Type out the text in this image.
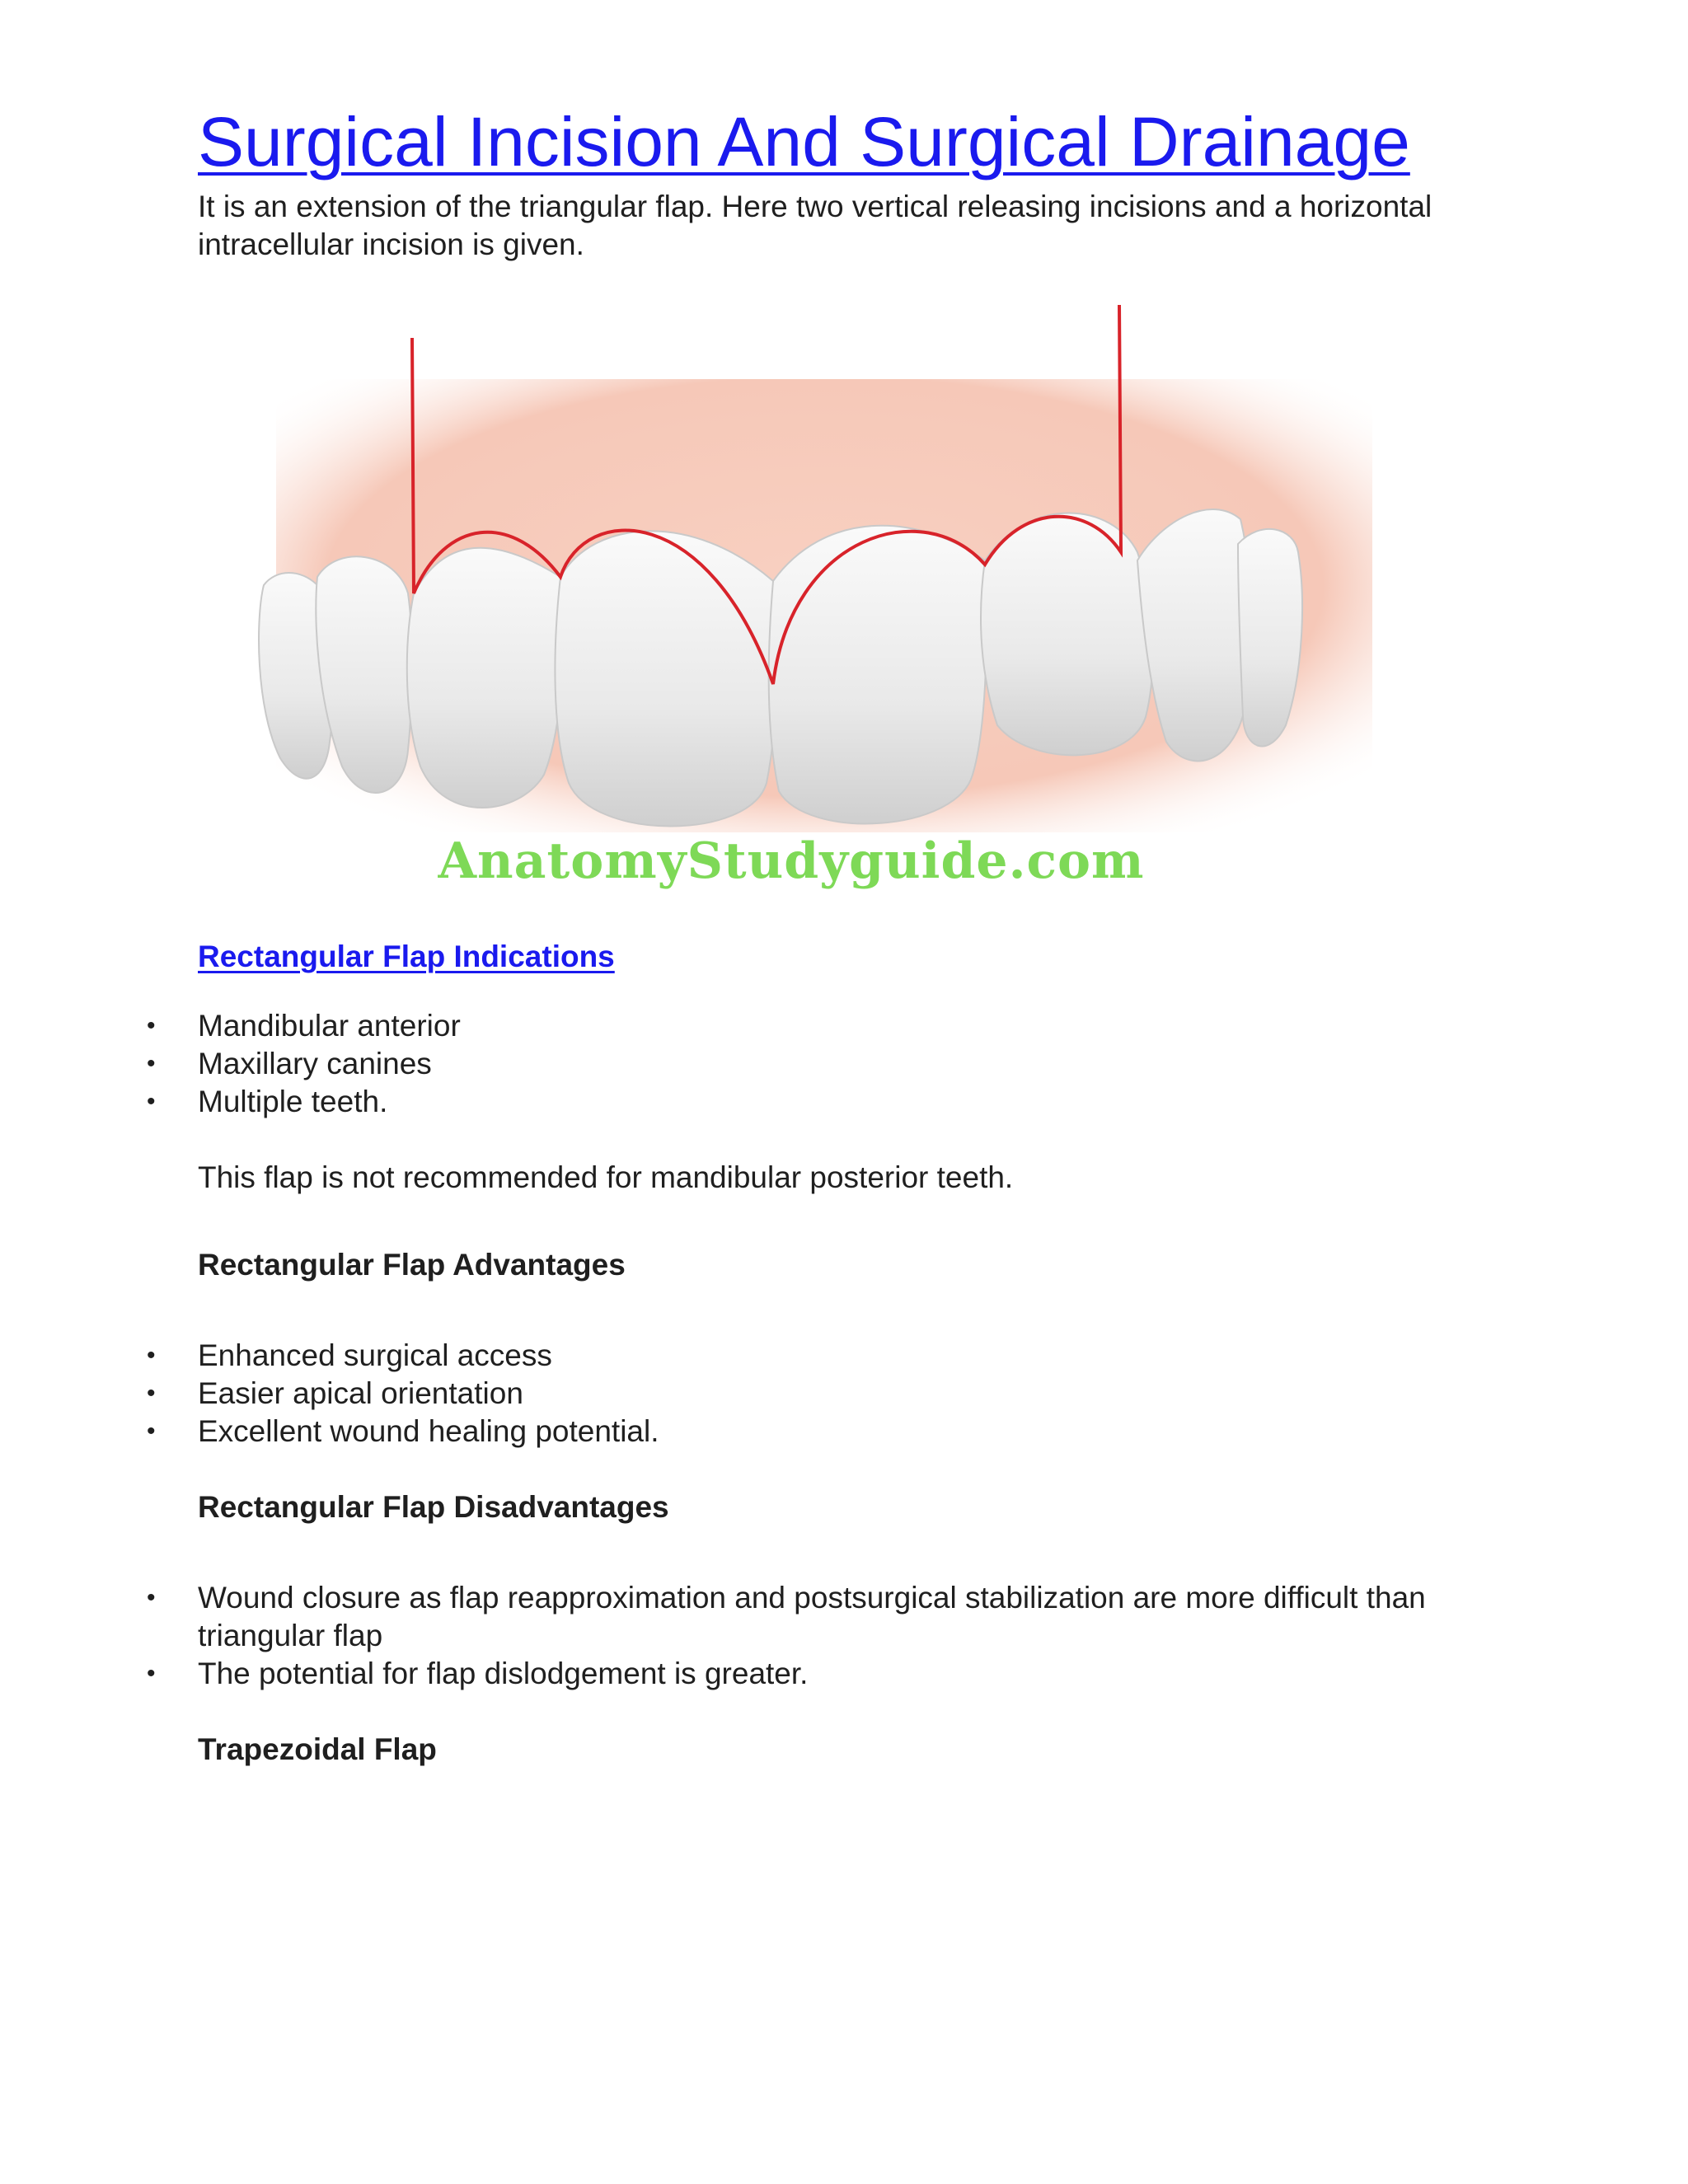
Surgical Incision And Surgical Drainage

It is an extension of the triangular flap. Here two vertical releasing incisions and a horizontal intracellular incision is given.

AnatomyStudyguide.com
Rectangular Flap Indications
• Mandibular anterior
• Maxillary canines
• Multiple teeth.

This flap is not recommended for mandibular posterior teeth.

Rectangular Flap Advantages

• Enhanced surgical access
• Easier apical orientation
• Excellent wound healing potential.

Rectangular Flap Disadvantages

• Wound closure as flap reapproximation and postsurgical stabilization are more difficult than triangular flap
• The potential for flap dislodgement is greater.

Trapezoidal Flap
